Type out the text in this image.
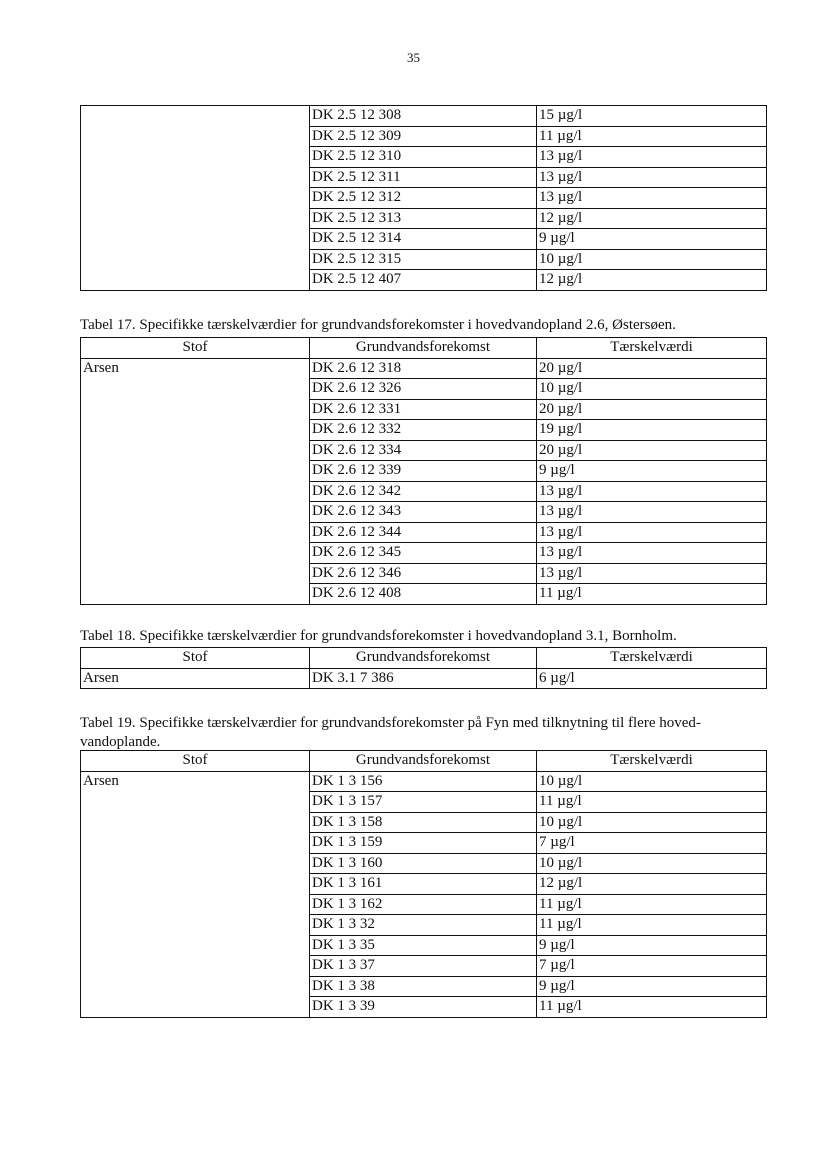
35
	DK 2.5 12 308	15 µg/l
	DK 2.5 12 309	11 µg/l
	DK 2.5 12 310	13 µg/l
	DK 2.5 12 311	13 µg/l
	DK 2.5 12 312	13 µg/l
	DK 2.5 12 313	12 µg/l
	DK 2.5 12 314	9 µg/l
	DK 2.5 12 315	10 µg/l
	DK 2.5 12 407	12 µg/l
Tabel 17. Specifikke tærskelværdier for grundvandsforekomster i hovedvandopland 2.6, Østersøen.
Stof	Grundvandsforekomst	Tærskelværdi
Arsen	DK 2.6 12 318	20 µg/l
	DK 2.6 12 326	10 µg/l
	DK 2.6 12 331	20 µg/l
	DK 2.6 12 332	19 µg/l
	DK 2.6 12 334	20 µg/l
	DK 2.6 12 339	9 µg/l
	DK 2.6 12 342	13 µg/l
	DK 2.6 12 343	13 µg/l
	DK 2.6 12 344	13 µg/l
	DK 2.6 12 345	13 µg/l
	DK 2.6 12 346	13 µg/l
	DK 2.6 12 408	11 µg/l
Tabel 18. Specifikke tærskelværdier for grundvandsforekomster i hovedvandopland 3.1, Bornholm.
Stof	Grundvandsforekomst	Tærskelværdi
Arsen	DK 3.1 7 386	6 µg/l
Tabel 19. Specifikke tærskelværdier for grundvandsforekomster på Fyn med tilknytning til flere hoved-vandoplande.
Stof	Grundvandsforekomst	Tærskelværdi
Arsen	DK 1 3 156	10 µg/l
	DK 1 3 157	11 µg/l
	DK 1 3 158	10 µg/l
	DK 1 3 159	7 µg/l
	DK 1 3 160	10 µg/l
	DK 1 3 161	12 µg/l
	DK 1 3 162	11 µg/l
	DK 1 3 32	11 µg/l
	DK 1 3 35	9 µg/l
	DK 1 3 37	7 µg/l
	DK 1 3 38	9 µg/l
	DK 1 3 39	11 µg/l
